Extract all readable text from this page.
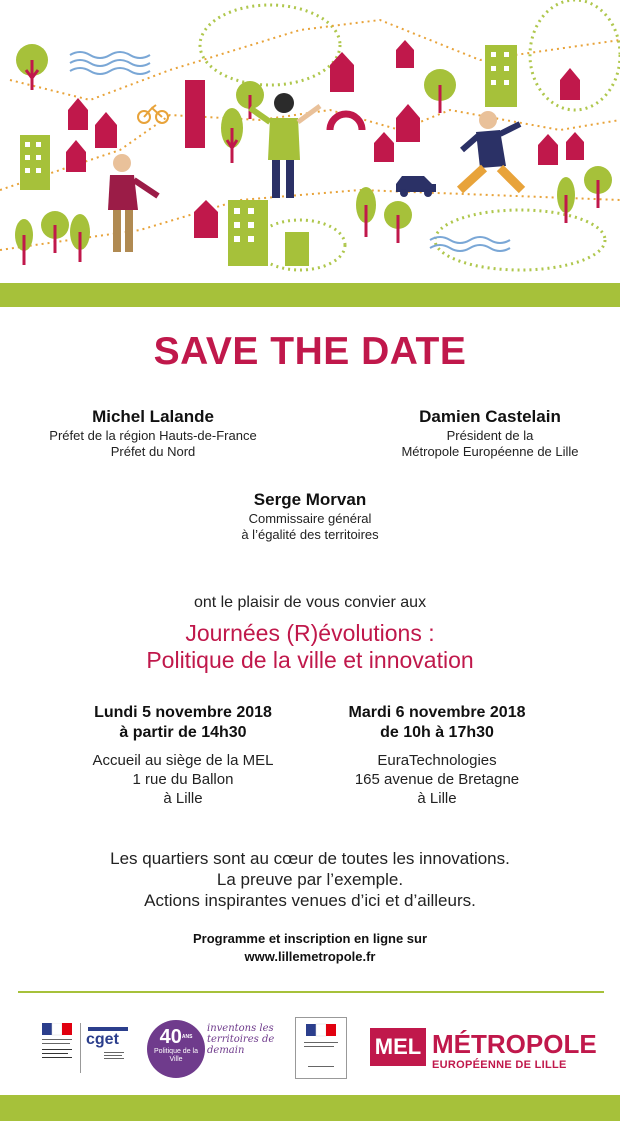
SAVE THE DATE
Michel Lalande
Préfet de la région Hauts-de-France
Préfet du Nord
Damien Castelain
Président de la
Métropole Européenne de Lille
Serge Morvan
Commissaire général
à l’égalité des territoires
ont le plaisir de vous convier aux
Journées (R)évolutions :
Politique de la ville et innovation
Lundi 5 novembre 2018
à partir de 14h30
Accueil au siège de la MEL
1 rue du Ballon
à Lille
Mardi 6 novembre 2018
de 10h à 17h30
EuraTechnologies
165 avenue de Bretagne
à Lille
Les quartiers sont au cœur de toutes les innovations.
La preuve par l’exemple.
Actions inspirantes venues d’ici et d’ailleurs.
Programme et inscription en ligne sur
www.lillemetropole.fr
cget	$40^{ANS}$
Politique de la Ville
inventons les territoires de demain	MEL MÉTROPOLE
EUROPÉENNE DE LILLE
